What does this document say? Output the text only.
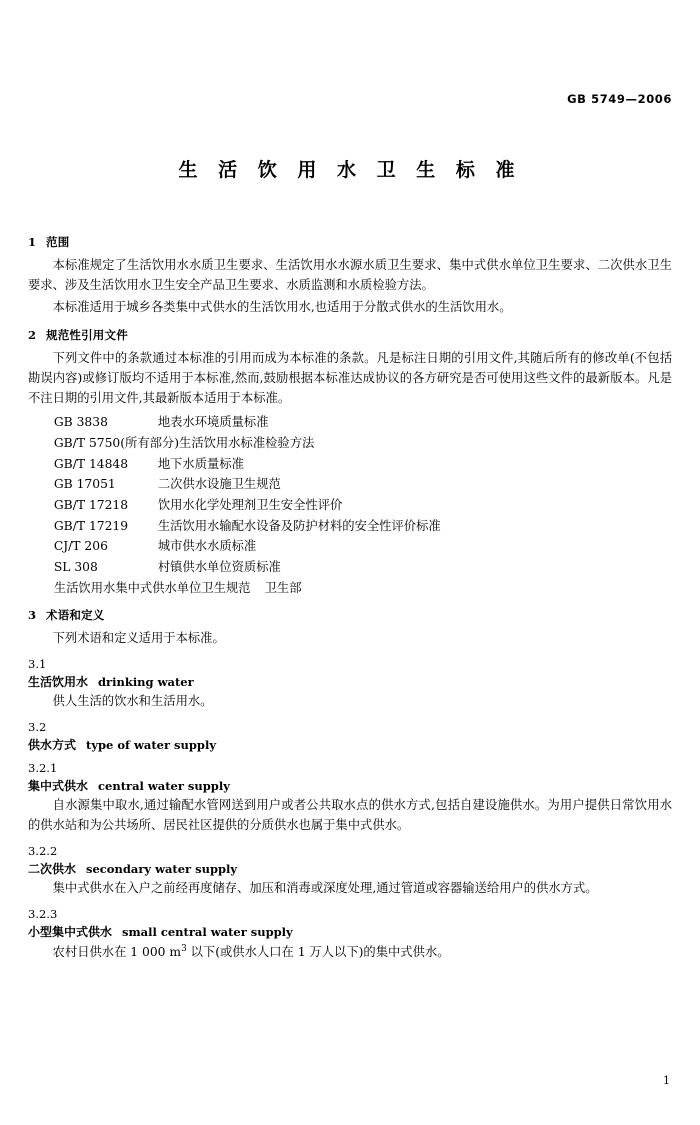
GB 5749—2006
生 活 饮 用 水 卫 生 标 准
1 范围

本标准规定了生活饮用水水质卫生要求、生活饮用水水源水质卫生要求、集中式供水单位卫生要求、二次供水卫生要求、涉及生活饮用水卫生安全产品卫生要求、水质监测和水质检验方法。

本标准适用于城乡各类集中式供水的生活饮用水,也适用于分散式供水的生活饮用水。

2 规范性引用文件

下列文件中的条款通过本标准的引用而成为本标准的条款。凡是标注日期的引用文件,其随后所有的修改单(不包括勘误内容)或修订版均不适用于本标准,然而,鼓励根据本标准达成协议的各方研究是否可使用这些文件的最新版本。凡是不注日期的引用文件,其最新版本适用于本标准。

GB 3838	地表水环境质量标准
GB/T 5750(所有部分)生活饮用水标准检验方法
GB/T 14848 地下水质量标准
GB 17051	二次供水设施卫生规范
GB/T 17218 饮用水化学处理剂卫生安全性评价
GB/T 17219 生活饮用水输配水设备及防护材料的安全性评价标准
CJ/T 206	城市供水水质标准
SL 308	村镇供水单位资质标准
生活饮用水集中式供水单位卫生规范 卫生部
3 术语和定义

下列术语和定义适用于本标准。

3.1
生活饮用水 drinking water

供人生活的饮水和生活用水。

3.2
供水方式 type of water supply
3.2.1
集中式供水 central water supply

自水源集中取水,通过输配水管网送到用户或者公共取水点的供水方式,包括自建设施供水。为用户提供日常饮用水的供水站和为公共场所、居民社区提供的分质供水也属于集中式供水。

3.2.2
二次供水 secondary water supply

集中式供水在入户之前经再度储存、加压和消毒或深度处理,通过管道或容器输送给用户的供水方式。

3.2.3
小型集中式供水 small central water supply

农村日供水在 1 000 $m^3$ 以下(或供水人口在 1 万人以下)的集中式供水。

1
